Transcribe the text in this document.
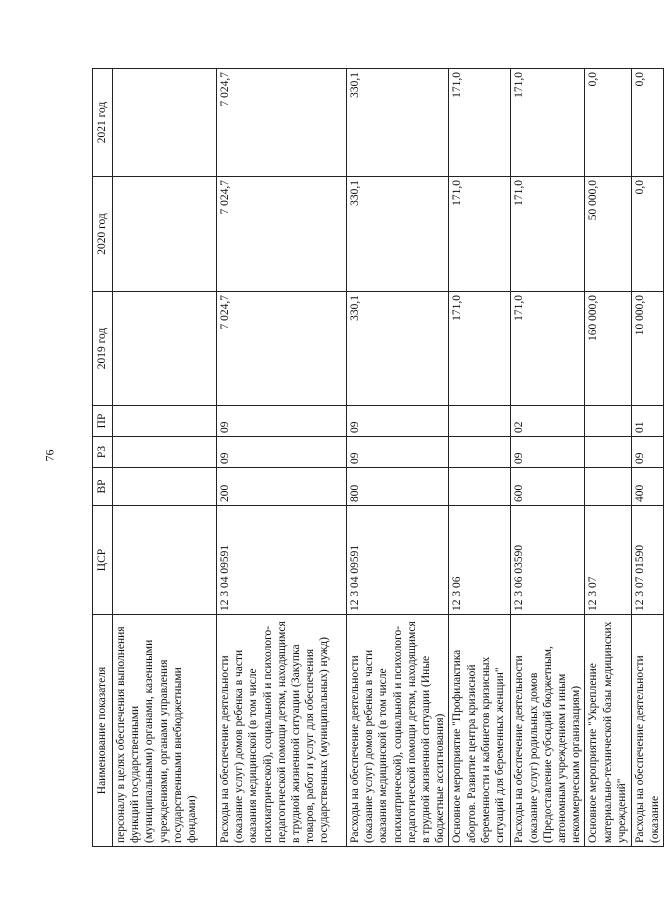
76
Наименование показателя	ЦСР	ВР	РЗ	ПР	2019 год	2020 год	2021 год
персоналу в целях обеспечения выполнения функций государственными (муниципальными) органами, казенными учреждениями, органами управления государственными внебюджетными фондами)							
Расходы на обеспечение деятельности (оказание услуг) домов ребенка в части оказания медицинской (в том числе психиатрической), социальной и психолого-педагогической помощи детям, находящимся в трудной жизненной ситуации (Закупка товаров, работ и услуг для обеспечения государственных (муниципальных) нужд)	12 3 04 09591	200	09	09	7 024,7	7 024,7	7 024,7
Расходы на обеспечение деятельности (оказание услуг) домов ребенка в части оказания медицинской (в том числе психиатрической), социальной и психолого-педагогической помощи детям, находящимся в трудной жизненной ситуации (Иные бюджетные ассигнования)	12 3 04 09591	800	09	09	330,1	330,1	330,1
Основное мероприятие "Профилактика абортов. Развитие центра кризисной беременности и кабинетов кризисных ситуаций для беременных женщин"	12 3 06				171,0	171,0	171,0
Расходы на обеспечение деятельности (оказание услуг) родильных домов (Предоставление субсидий бюджетным, автономным учреждениям и иным некоммерческим организациям)	12 3 06 03590	600	09	02	171,0	171,0	171,0
Основное мероприятие "Укрепление материально-технической базы медицинских учреждений"	12 3 07				160 000,0	50 000,0	0,0
Расходы на обеспечение деятельности (оказание	12 3 07 01590	400	09	01	10 000,0	0,0	0,0
